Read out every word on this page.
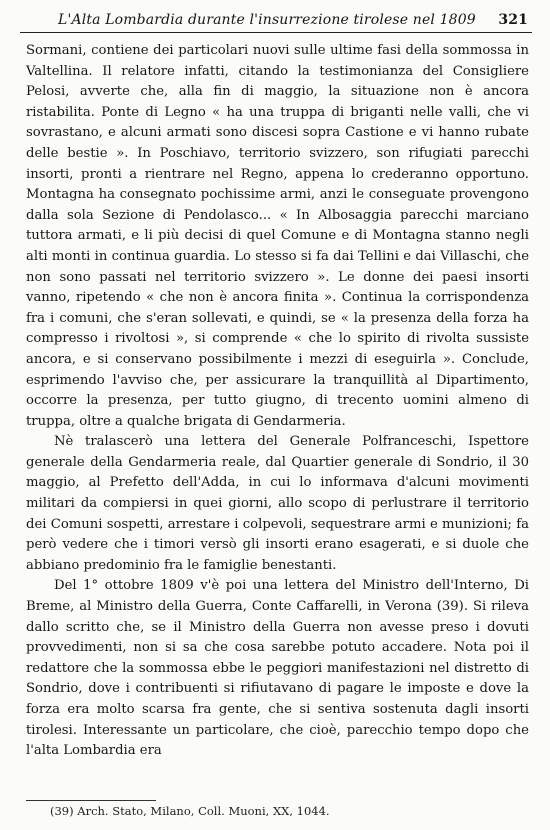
L'Alta Lombardia durante l'insurrezione tirolese nel 1809 321

Sormani, contiene dei particolari nuovi sulle ultime fasi della sommossa in Valtellina. Il relatore infatti, citando la testimonianza del Consigliere Pelosi, avverte che, alla fin di maggio, la situazione non è ancora ristabilita. Ponte di Legno « ha una truppa di briganti nelle valli, che vi sovrastano, e alcuni armati sono discesi sopra Castione e vi hanno rubate delle bestie ». In Poschiavo, territorio svizzero, son rifugiati parecchi insorti, pronti a rientrare nel Regno, appena lo crederanno opportuno. Montagna ha consegnato pochissime armi, anzi le conseguate provengono dalla sola Sezione di Pendolasco... « In Albosaggia parecchi marciano tuttora armati, e li più decisi di quel Comune e di Montagna stanno negli alti monti in continua guardia. Lo stesso si fa dai Tellini e dai Villaschi, che non sono passati nel territorio svizzero ». Le donne dei paesi insorti vanno, ripetendo « che non è ancora finita ». Continua la corrispondenza fra i comuni, che s'eran sollevati, e quindi, se « la presenza della forza ha compresso i rivoltosi », si comprende « che lo spirito di rivolta sussiste ancora, e si conservano possibilmente i mezzi di eseguirla ». Conclude, esprimendo l'avviso che, per assicurare la tranquillità al Dipartimento, occorre la presenza, per tutto giugno, di trecento uomini almeno di truppa, oltre a qualche brigata di Gendarmeria.

Nè tralascerò una lettera del Generale Polfranceschi, Ispettore generale della Gendarmeria reale, dal Quartier generale di Sondrio, il 30 maggio, al Prefetto dell'Adda, in cui lo informava d'alcuni movimenti militari da compiersi in quei giorni, allo scopo di perlustrare il territorio dei Comuni sospetti, arrestare i colpevoli, sequestrare armi e munizioni; fa però vedere che i timori versò gli insorti erano esagerati, e si duole che abbiano predominio fra le famiglie benestanti.

Del 1° ottobre 1809 v'è poi una lettera del Ministro dell'Interno, Di Breme, al Ministro della Guerra, Conte Caffarelli, in Verona (39). Si rileva dallo scritto che, se il Ministro della Guerra non avesse preso i dovuti provvedimenti, non si sa che cosa sarebbe potuto accadere. Nota poi il redattore che la sommossa ebbe le peggiori manifestazioni nel distretto di Sondrio, dove i contribuenti si rifiutavano di pagare le imposte e dove la forza era molto scarsa fra gente, che si sentiva sostenuta dagli insorti tirolesi. Interessante un particolare, che cioè, parecchio tempo dopo che l'alta Lombardia era

(39) Arch. Stato, Milano, Coll. Muoni, XX, 1044.
